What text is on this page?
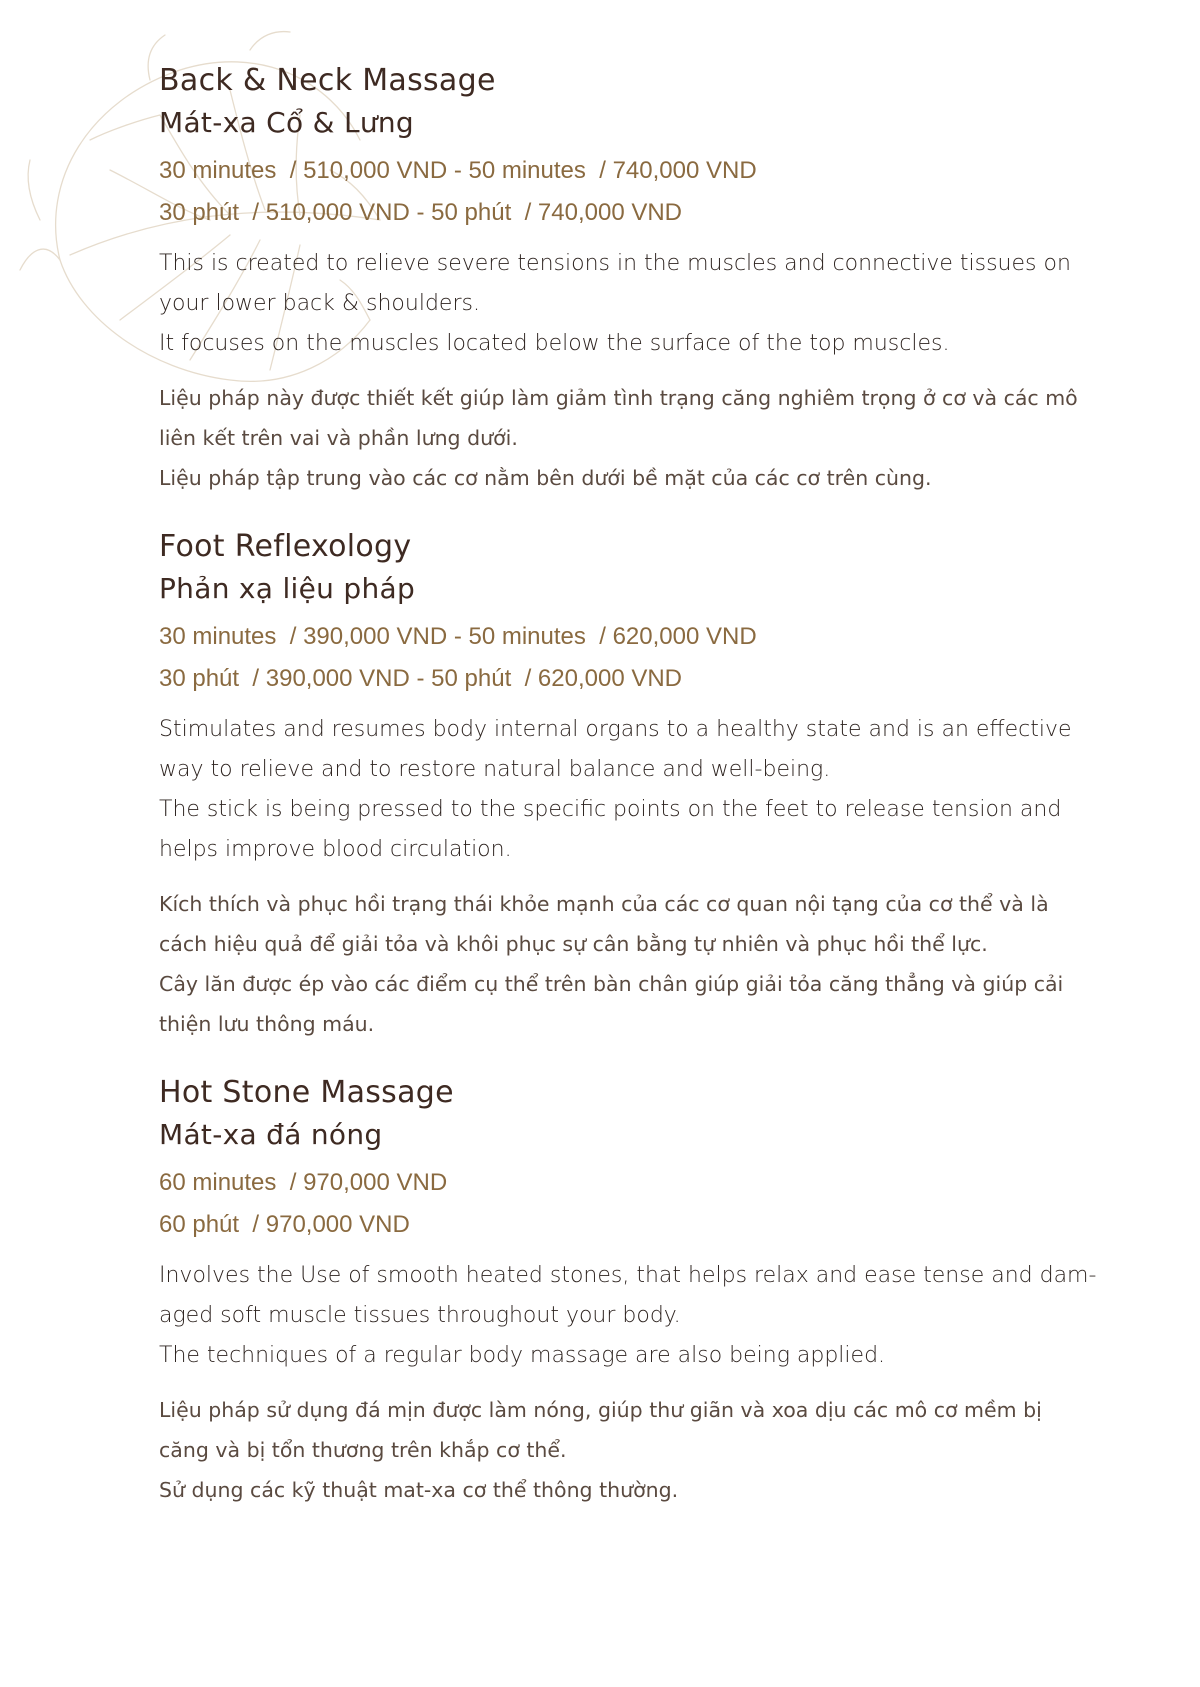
Back & Neck Massage
Mát-xa Cổ & Lưng

30 minutes  / 510,000 VND - 50 minutes  / 740,000 VND

30 phút  / 510,000 VND - 50 phút  / 740,000 VND

This is created to relieve severe tensions in the muscles and connective tissues on
your lower back & shoulders.
It focuses on the muscles located below the surface of the top muscles.
Liệu pháp này được thiết kết giúp làm giảm tình trạng căng nghiêm trọng ở cơ và các mô
liên kết trên vai và phần lưng dưới.
Liệu pháp tập trung vào các cơ nằm bên dưới bề mặt của các cơ trên cùng.
Foot Reflexology
Phản xạ liệu pháp

30 minutes  / 390,000 VND - 50 minutes  / 620,000 VND

30 phút  / 390,000 VND - 50 phút  / 620,000 VND

Stimulates and resumes body internal organs to a healthy state and is an effective
way to relieve and to restore natural balance and well-being.
The stick is being pressed to the specific points on the feet to release tension and
helps improve blood circulation.
Kích thích và phục hồi trạng thái khỏe mạnh của các cơ quan nội tạng của cơ thể và là
cách hiệu quả để giải tỏa và khôi phục sự cân bằng tự nhiên và phục hồi thể lực.
Cây lăn được ép vào các điểm cụ thể trên bàn chân giúp giải tỏa căng thẳng và giúp cải
thiện lưu thông máu.
Hot Stone Massage
Mát-xa đá nóng

60 minutes  / 970,000 VND

60 phút  / 970,000 VND

Involves the Use of smooth heated stones, that helps relax and ease tense and dam-
aged soft muscle tissues throughout your body.
The techniques of a regular body massage are also being applied.
Liệu pháp sử dụng đá mịn được làm nóng, giúp thư giãn và xoa dịu các mô cơ mềm bị
căng và bị tổn thương trên khắp cơ thể.
Sử dụng các kỹ thuật mat-xa cơ thể thông thường.
